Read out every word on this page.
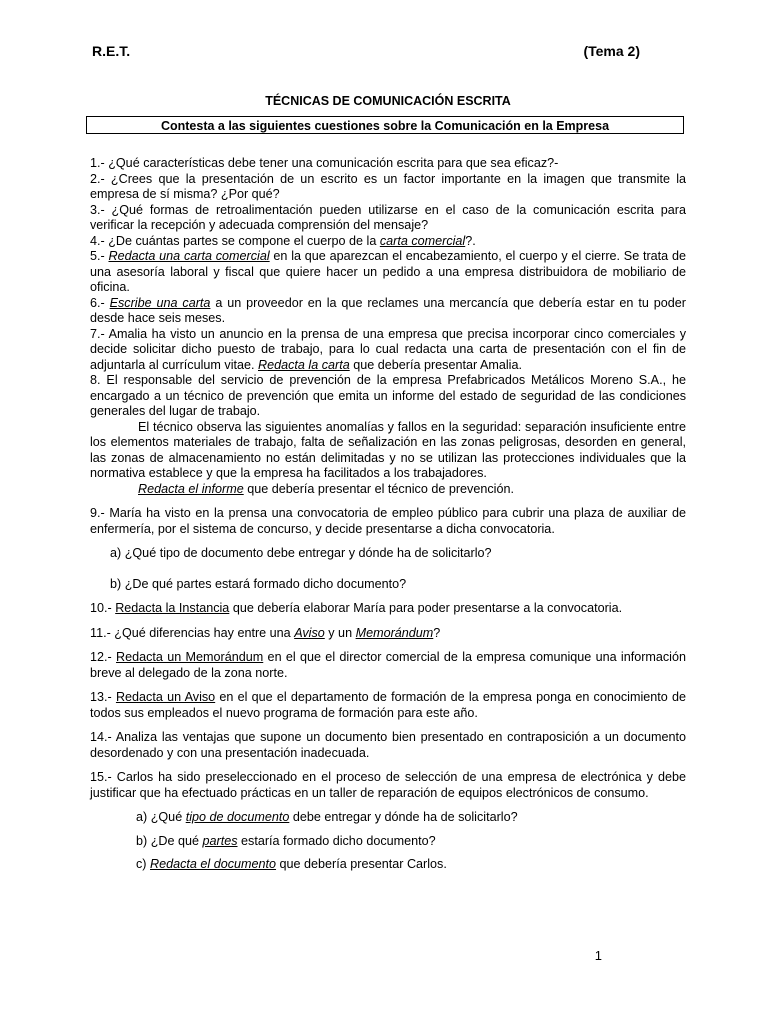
R.E.T.	(Tema 2)
TÉCNICAS DE COMUNICACIÓN ESCRITA
Contesta a las siguientes cuestiones sobre la Comunicación en la Empresa

1.- ¿Qué características debe tener una comunicación escrita para que sea eficaz?-

2.- ¿Crees que la presentación de un escrito es un factor importante en la imagen que transmite la empresa de sí misma? ¿Por qué?

3.- ¿Qué formas de retroalimentación pueden utilizarse en el caso de la comunicación escrita para verificar la recepción y adecuada comprensión del mensaje?

4.- ¿De cuántas partes se compone el cuerpo de la carta comercial?.

5.- Redacta una carta comercial en la que aparezcan el encabezamiento, el cuerpo y el cierre. Se trata de una asesoría laboral y fiscal que quiere hacer un pedido a una empresa distribuidora de mobiliario de oficina.

6.- Escribe una carta a un proveedor en la que reclames una mercancía que debería estar en tu poder desde hace seis meses.

7.- Amalia ha visto un anuncio en la prensa de una empresa que precisa incorporar cinco comerciales y decide solicitar dicho puesto de trabajo, para lo cual redacta una carta de presentación con el fin de adjuntarla al currículum vitae. Redacta la carta que debería presentar Amalia.

8. El responsable del servicio de prevención de la empresa Prefabricados Metálicos Moreno S.A., he encargado a un técnico de prevención que emita un informe del estado de seguridad de las condiciones generales del lugar de trabajo.

El técnico observa las siguientes anomalías y fallos en la seguridad: separación insuficiente entre los elementos materiales de trabajo, falta de señalización en las zonas peligrosas, desorden en general, las zonas de almacenamiento no están delimitadas y no se utilizan las protecciones individuales que la normativa establece y que la empresa ha facilitados a los trabajadores.

Redacta el informe que debería presentar el técnico de prevención.

9.- María ha visto en la prensa una convocatoria de empleo público para cubrir una plaza de auxiliar de enfermería, por el sistema de concurso, y decide presentarse a dicha convocatoria.

a) ¿Qué tipo de documento debe entregar y dónde ha de solicitarlo?

b) ¿De qué partes estará formado dicho documento?

10.- Redacta la Instancia que debería elaborar María para poder presentarse a la convocatoria.

11.- ¿Qué diferencias hay entre una Aviso y un Memorándum?

12.- Redacta un Memorándum en el que el director comercial de la empresa comunique una información breve al delegado de la zona norte.

13.- Redacta un Aviso en el que el departamento de formación de la empresa ponga en conocimiento de todos sus empleados el nuevo programa de formación para este año.

14.- Analiza las ventajas que supone un documento bien presentado en contraposición a un documento desordenado y con una presentación inadecuada.

15.- Carlos ha sido preseleccionado en el proceso de selección de una empresa de electrónica y debe justificar que ha efectuado prácticas en un taller de reparación de equipos electrónicos de consumo.

a) ¿Qué tipo de documento debe entregar y dónde ha de solicitarlo?

b) ¿De qué partes estaría formado dicho documento?

c) Redacta el documento que debería presentar Carlos.

1
